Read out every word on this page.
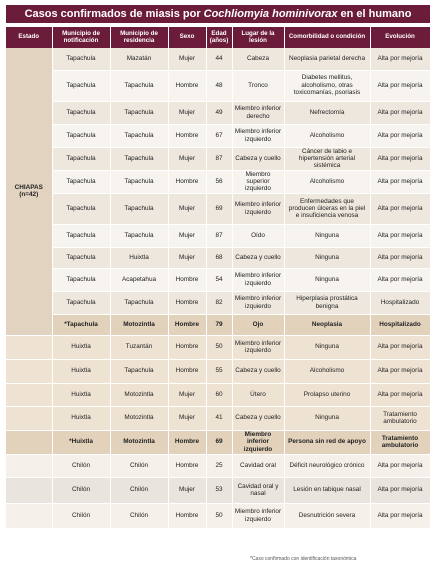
Casos confirmados de miasis por Cochliomyia hominivorax en el humano
Estado	Municipio de notificación	Municipio de residencia	Sexo	Edad (años)	Lugar de la lesión	Comorbilidad o condición	Evolución
CHIAPAS (n=42)	Tapachula	Mazatán	Mujer	44	Cabeza	Neoplasia parietal derecha	Alta por mejoría
	Tapachula	Tapachula	Hombre	48	Tronco	Diabetes mellitus, alcoholismo, otras toxicomanías, psoriasis	Alta por mejoría
	Tapachula	Tapachula	Mujer	49	Miembro inferior derecho	Nefrectomía	Alta por mejoría
	Tapachula	Tapachula	Hombre	67	Miembro inferior izquierdo	Alcoholismo	Alta por mejoría
	Tapachula	Tapachula	Mujer	87	Cabeza y cuello	Cáncer de labio e hipertensión arterial sistémica	Alta por mejoría
	Tapachula	Tapachula	Hombre	56	Miembro superior izquierdo	Alcoholismo	Alta por mejoría
	Tapachula	Tapachula	Mujer	69	Miembro inferior izquierdo	Enfermedades que producen úlceras en la piel e insuficiencia venosa	Alta por mejoría
	Tapachula	Tapachula	Mujer	87	Oído	Ninguna	Alta por mejoría
	Tapachula	Huixtla	Mujer	68	Cabeza y cuello	Ninguna	Alta por mejoría
	Tapachula	Acapetahua	Hombre	54	Miembro inferior izquierdo	Ninguna	Alta por mejoría
	Tapachula	Tapachula	Hombre	82	Miembro inferior izquierdo	Hiperplasia prostática benigna	Hospitalizado
	*Tapachula	Motozintla	Hombre	79	Ojo	Neoplasia	Hospitalizado
	Huixtla	Tuzantán	Hombre	50	Miembro inferior izquierdo	Ninguna	Alta por mejoría
	Huixtla	Tapachula	Hombre	55	Cabeza y cuello	Alcoholismo	Alta por mejoría
	Huixtla	Motozintla	Mujer	60	Útero	Prolapso uterino	Alta por mejoría
	Huixtla	Motozintla	Mujer	41	Cabeza y cuello	Ninguna	Tratamiento ambulatorio
	*Huixtla	Motozintla	Hombre	69	Miembro inferior izquierdo	Persona sin red de apoyo	Tratamiento ambulatorio
	Chilón	Chilón	Hombre	25	Cavidad oral	Déficit neurológico crónico	Alta por mejoría
	Chilón	Chilón	Mujer	53	Cavidad oral y nasal	Lesión en tabique nasal	Alta por mejoría
	Chilón	Chilón	Hombre	50	Miembro inferior izquierdo	Desnutrición severa	Alta por mejoría
*Caso confirmado con identificación taxonómica
